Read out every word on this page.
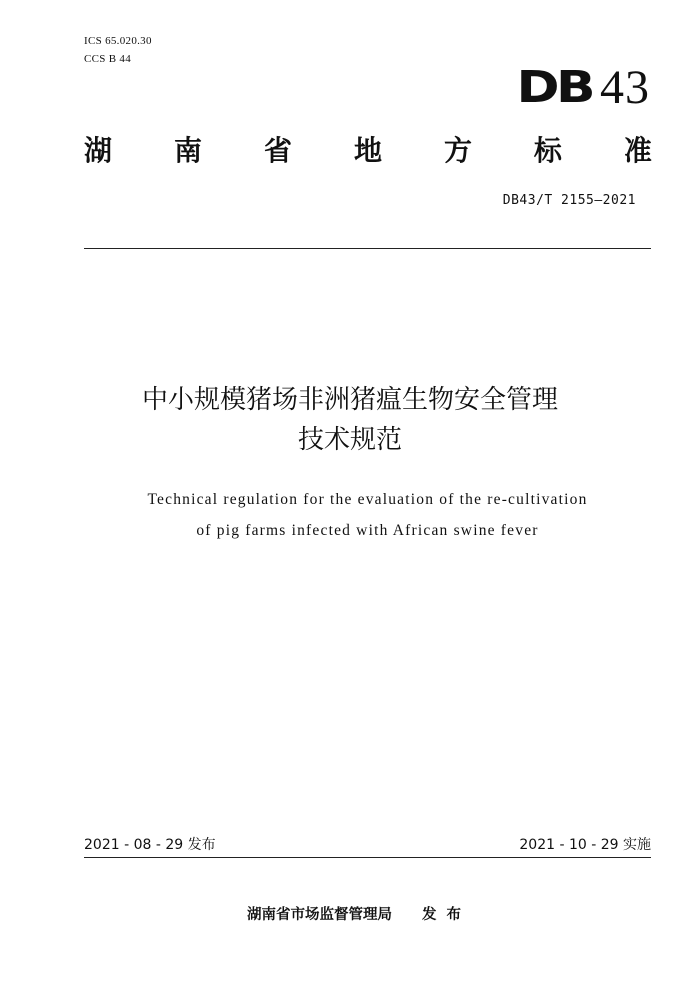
ICS 65.020.30
CCS B 44
DB 43
湖 南 省 地 方 标 准
DB43/T 2155—2021
中小规模猪场非洲猪瘟生物安全管理
技术规范
Technical regulation for the evaluation of the re-cultivation
of pig farms infected with African swine fever
2021 - 08 - 29 发布	2021 - 10 - 29 实施
湖南省市场监督管理局 发布
